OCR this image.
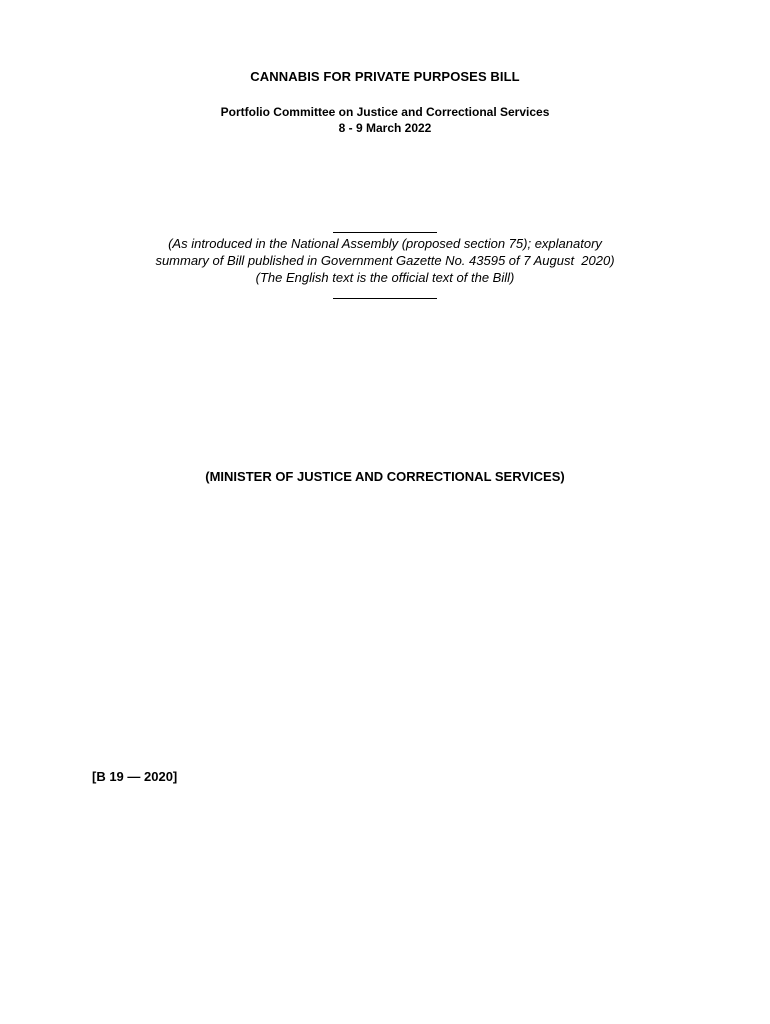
CANNABIS FOR PRIVATE PURPOSES BILL
Portfolio Committee on Justice and Correctional Services
8 - 9 March 2022
(As introduced in the National Assembly (proposed section 75); explanatory
summary of Bill published in Government Gazette No. 43595 of 7 August  2020)
(The English text is the official text of the Bill)
(MINISTER OF JUSTICE AND CORRECTIONAL SERVICES)
[B 19 — 2020]
